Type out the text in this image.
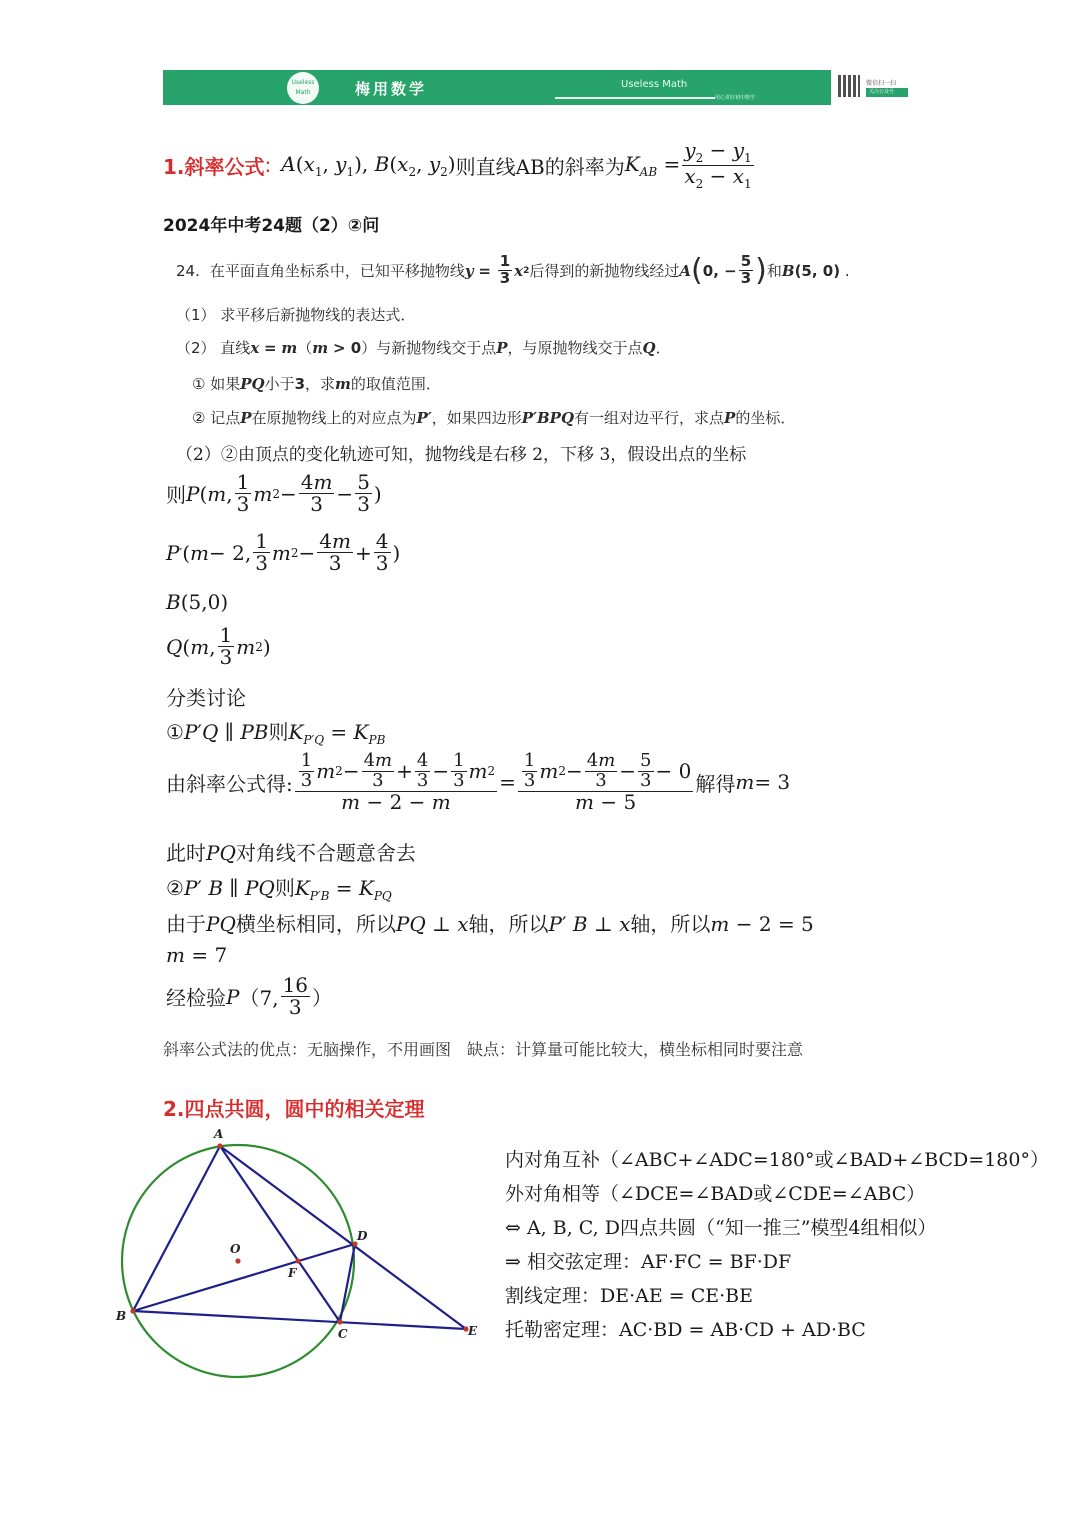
Useless Math	梅用数学	Useless Math
用心讲好初中数学
微信扫一扫
关注公众号
1.斜率公式 : $A(x_1$, $y_1$), $B(x_2$, $y_2$) 则直线AB的斜率为 $K_{AB} = \frac{y_2 - y_1}{x_2 - x_1}$
2024年中考24题（2）②问
24. 在平面直角坐标系中，已知平移抛物线 y
=
$\frac{1}{3}$ x 2 后得到的新抛物线经过 A ( 0, − $\frac{5}{3}$ ) 和 B (5, 0) .
（1） 求平移后新抛物线的表达式．
（2） 直线x = m（m > 0）与新抛物线交于点P，与原抛物线交于点Q．
① 如果PQ小于3，求m的取值范围．
② 记点P在原抛物线上的对应点为P′，如果四边形P′BPQ有一组对边平行，求点P的坐标．
（2）②由顶点的变化轨迹可知，抛物线是右移 2，下移 3，假设出点的坐标
则 P ( m , $\frac{1}{3}$ m $2 - \frac{4m}{3} - \frac{5}{3}$ )
P ′ ( m − 2, $\frac{1}{3}$ m $2 - \frac{4m}{3} + \frac{4}{3}$ )
B(5,0)
Q ( m , $\frac{1}{3}$ m 2 )
分类讨论
①P′Q ∥ PB则$K_{P'Q} = K_{PB}$
由斜率公式得: $\frac{\frac{1}{3} m 2 - \frac{4m}{3} + \frac{4}{3} - \frac{1}{3} m 2}{m - 2 - m} = \frac{\frac{1}{3} m 2 - \frac{4m}{3} - \frac{5}{3} - 0}{m - 5}$ 解得 m = 3
此时PQ对角线不合题意舍去
②P′ B ∥ PQ则$K_{P'B} = K_{PQ}$
由于PQ横坐标相同，所以PQ ⊥ x轴，所以P′ B ⊥ x轴，所以m − 2 = 5
m = 7
经检验 P （7, $\frac{16}{3}$ ）
斜率公式法的优点：无脑操作，不用画图　缺点：计算量可能比较大，横坐标相同时要注意
2.四点共圆，圆中的相关定理
A
B
C
D
E
F
O
内对角互补（∠ABC+∠ADC=180°或∠BAD+∠BCD=180°）
外对角相等（∠DCE=∠BAD或∠CDE=∠ABC）
⇔ A, B, C, D四点共圆（“知一推三”模型4组相似）
⇒ 相交弦定理：AF·FC = BF·DF
割线定理：DE·AE = CE·BE
托勒密定理：AC·BD = AB·CD + AD·BC
